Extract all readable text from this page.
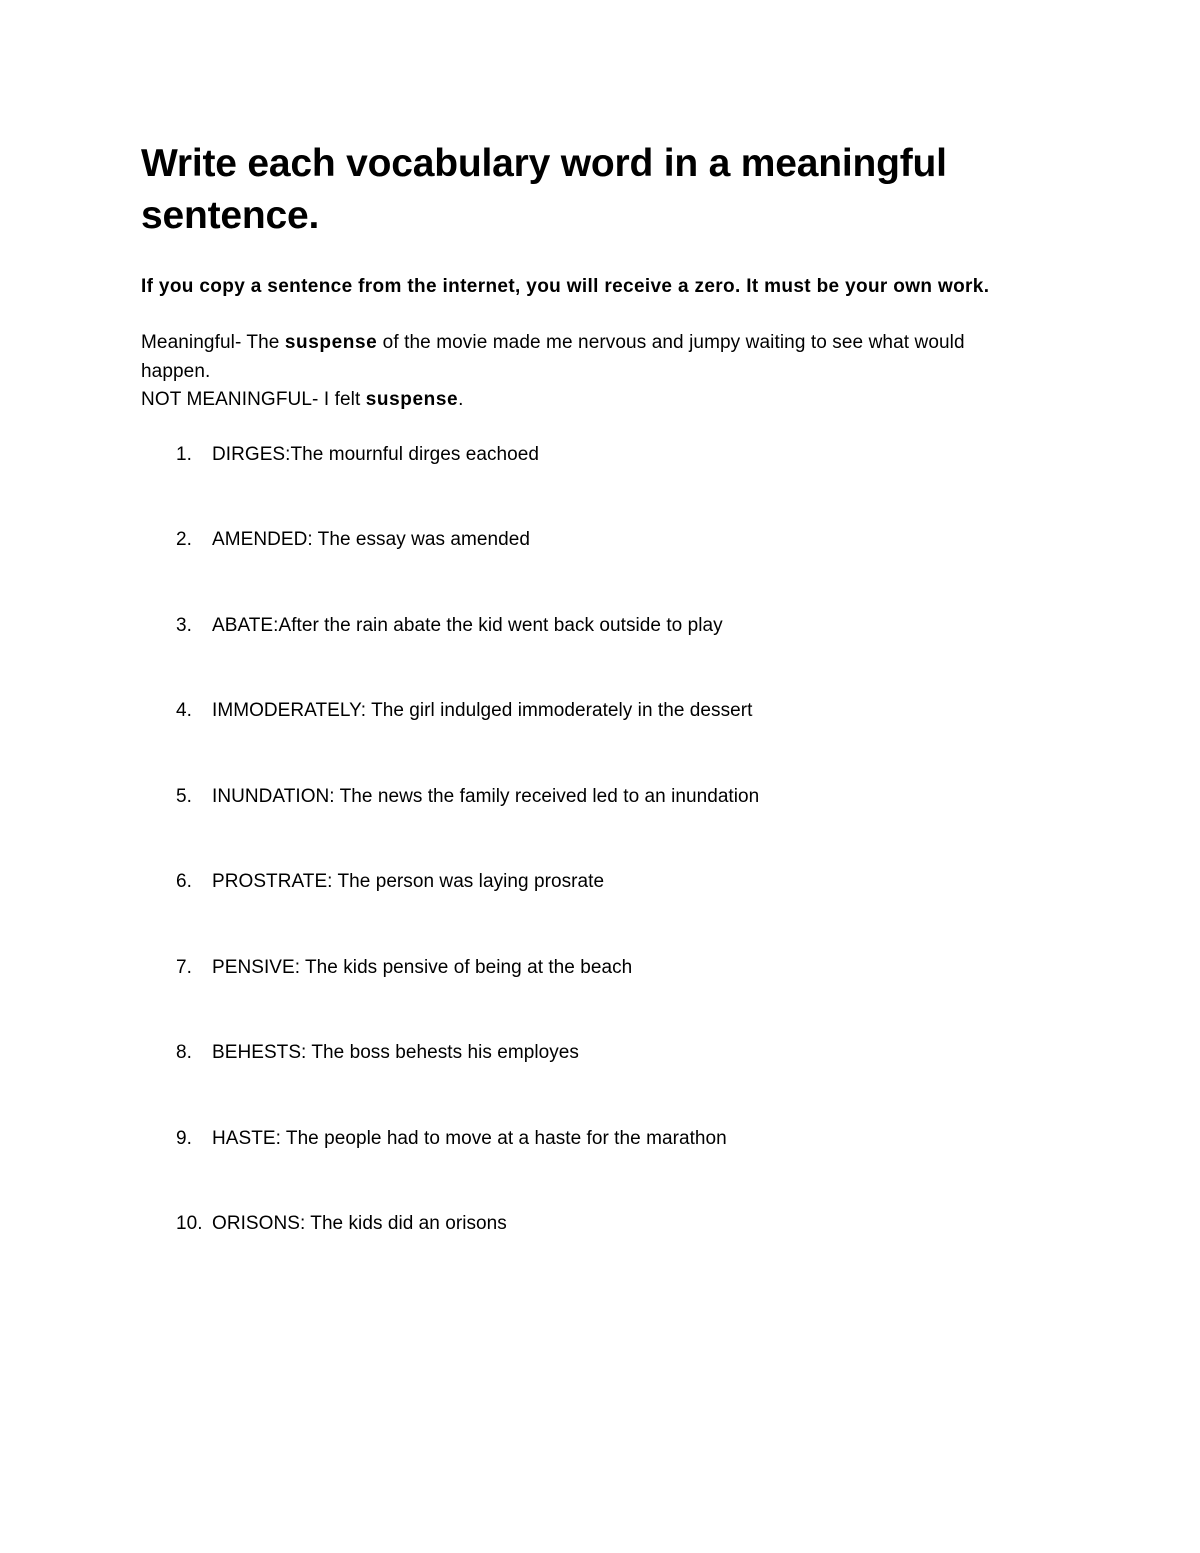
Write each vocabulary word in a meaningful sentence.

If you copy a sentence from the internet, you will receive a zero. It must be your own work.

Meaningful- The suspense of the movie made me nervous and jumpy waiting to see what would happen.

NOT MEANINGFUL- I felt suspense.

1. DIRGES:The mournful dirges eachoed
2. AMENDED: The essay was amended
3. ABATE:After the rain abate the kid went back outside to play
4. IMMODERATELY: The girl indulged immoderately in the dessert
5. INUNDATION: The news the family received led to an inundation
6. PROSTRATE: The person was laying prosrate
7. PENSIVE: The kids pensive of being at the beach
8. BEHESTS: The boss behests his employes
9. HASTE: The people had to move at a haste for the marathon
10. ORISONS: The kids did an orisons
